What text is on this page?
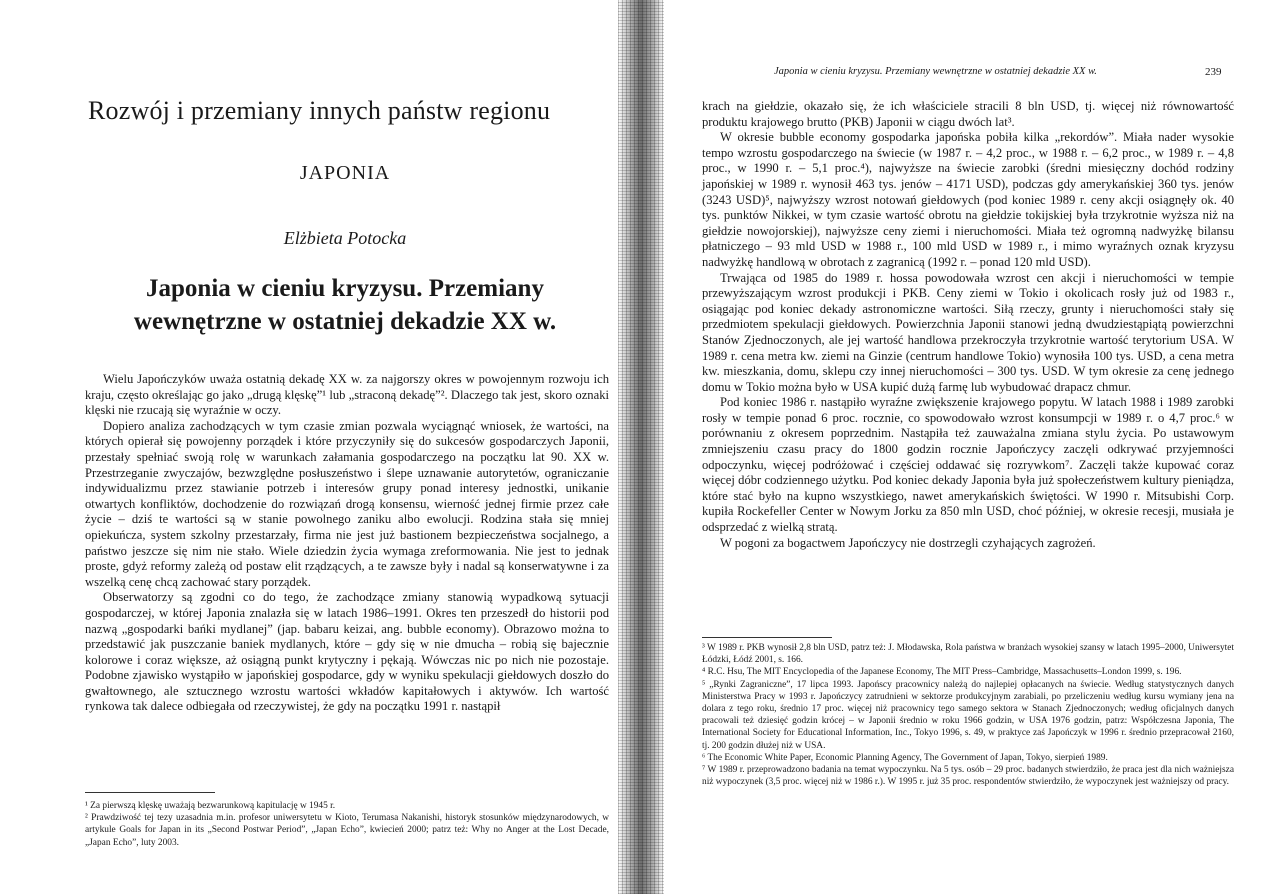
Rozwój i przemiany innych państw regionu
JAPONIA
Elżbieta Potocka
Japonia w cieniu kryzysu. Przemiany wewnętrzne w ostatniej dekadzie XX w.

Wielu Japończyków uważa ostatnią dekadę XX w. za najgorszy okres w powojennym rozwoju ich kraju, często określając go jako „drugą klęskę”¹ lub „straconą dekadę”². Dlaczego tak jest, skoro oznaki klęski nie rzucają się wyraźnie w oczy.

Dopiero analiza zachodzących w tym czasie zmian pozwala wyciągnąć wniosek, że wartości, na których opierał się powojenny porządek i które przyczyniły się do sukcesów gospodarczych Japonii, przestały spełniać swoją rolę w warunkach załamania gospodarczego na początku lat 90. XX w. Przestrzeganie zwyczajów, bezwzględne posłuszeństwo i ślepe uznawanie autorytetów, ograniczanie indywidualizmu przez stawianie potrzeb i interesów grupy ponad interesy jednostki, unikanie otwartych konfliktów, dochodzenie do rozwiązań drogą konsensu, wierność jednej firmie przez całe życie – dziś te wartości są w stanie powolnego zaniku albo ewolucji. Rodzina stała się mniej opiekuńcza, system szkolny przestarzały, firma nie jest już bastionem bezpieczeństwa socjalnego, a państwo jeszcze się nim nie stało. Wiele dziedzin życia wymaga zreformowania. Nie jest to jednak proste, gdyż reformy zależą od postaw elit rządzących, a te zawsze były i nadal są konserwatywne i za wszelką cenę chcą zachować stary porządek.

Obserwatorzy są zgodni co do tego, że zachodzące zmiany stanowią wypadkową sytuacji gospodarczej, w której Japonia znalazła się w latach 1986–1991. Okres ten przeszedł do historii pod nazwą „gospodarki bańki mydlanej” (jap. babaru keizai, ang. bubble economy). Obrazowo można to przedstawić jak puszczanie baniek mydlanych, które – gdy się w nie dmucha – robią się bajecznie kolorowe i coraz większe, aż osiągną punkt krytyczny i pękają. Wówczas nic po nich nie pozostaje. Podobne zjawisko wystąpiło w japońskiej gospodarce, gdy w wyniku spekulacji giełdowych doszło do gwałtownego, ale sztucznego wzrostu wartości wkładów kapitałowych i aktywów. Ich wartość rynkowa tak dalece odbiegała od rzeczywistej, że gdy na początku 1991 r. nastąpił

¹ Za pierwszą klęskę uważają bezwarunkową kapitulację w 1945 r.

² Prawdziwość tej tezy uzasadnia m.in. profesor uniwersytetu w Kioto, Terumasa Nakanishi, historyk stosunków międzynarodowych, w artykule Goals for Japan in its „Second Postwar Period”, „Japan Echo”, kwiecień 2000; patrz też: Why no Anger at the Lost Decade, „Japan Echo”, luty 2003.

Japonia w cieniu kryzysu. Przemiany wewnętrzne w ostatniej dekadzie XX w.	239

krach na giełdzie, okazało się, że ich właściciele stracili 8 bln USD, tj. więcej niż równowartość produktu krajowego brutto (PKB) Japonii w ciągu dwóch lat³.

W okresie bubble economy gospodarka japońska pobiła kilka „rekordów”. Miała nader wysokie tempo wzrostu gospodarczego na świecie (w 1987 r. – 4,2 proc., w 1988 r. – 6,2 proc., w 1989 r. – 4,8 proc., w 1990 r. – 5,1 proc.⁴), najwyższe na świecie zarobki (średni miesięczny dochód rodziny japońskiej w 1989 r. wynosił 463 tys. jenów – 4171 USD), podczas gdy amerykańskiej 360 tys. jenów (3243 USD)⁵, najwyższy wzrost notowań giełdowych (pod koniec 1989 r. ceny akcji osiągnęły ok. 40 tys. punktów Nikkei, w tym czasie wartość obrotu na giełdzie tokijskiej była trzykrotnie wyższa niż na giełdzie nowojorskiej), najwyższe ceny ziemi i nieruchomości. Miała też ogromną nadwyżkę bilansu płatniczego – 93 mld USD w 1988 r., 100 mld USD w 1989 r., i mimo wyraźnych oznak kryzysu nadwyżkę handlową w obrotach z zagranicą (1992 r. – ponad 120 mld USD).

Trwająca od 1985 do 1989 r. hossa powodowała wzrost cen akcji i nieruchomości w tempie przewyższającym wzrost produkcji i PKB. Ceny ziemi w Tokio i okolicach rosły już od 1983 r., osiągając pod koniec dekady astronomiczne wartości. Siłą rzeczy, grunty i nieruchomości stały się przedmiotem spekulacji giełdowych. Powierzchnia Japonii stanowi jedną dwudziestąpiątą powierzchni Stanów Zjednoczonych, ale jej wartość handlowa przekroczyła trzykrotnie wartość terytorium USA. W 1989 r. cena metra kw. ziemi na Ginzie (centrum handlowe Tokio) wynosiła 100 tys. USD, a cena metra kw. mieszkania, domu, sklepu czy innej nieruchomości – 300 tys. USD. W tym okresie za cenę jednego domu w Tokio można było w USA kupić dużą farmę lub wybudować drapacz chmur.

Pod koniec 1986 r. nastąpiło wyraźne zwiększenie krajowego popytu. W latach 1988 i 1989 zarobki rosły w tempie ponad 6 proc. rocznie, co spowodowało wzrost konsumpcji w 1989 r. o 4,7 proc.⁶ w porównaniu z okresem poprzednim. Nastąpiła też zauważalna zmiana stylu życia. Po ustawowym zmniejszeniu czasu pracy do 1800 godzin rocznie Japończycy zaczęli odkrywać przyjemności odpoczynku, więcej podróżować i częściej oddawać się rozrywkom⁷. Zaczęli także kupować coraz więcej dóbr codziennego użytku. Pod koniec dekady Japonia była już społeczeństwem kultury pieniądza, które stać było na kupno wszystkiego, nawet amerykańskich świętości. W 1990 r. Mitsubishi Corp. kupiła Rockefeller Center w Nowym Jorku za 850 mln USD, choć później, w okresie recesji, musiała je odsprzedać z wielką stratą.

W pogoni za bogactwem Japończycy nie dostrzegli czyhających zagrożeń.

³ W 1989 r. PKB wynosił 2,8 bln USD, patrz też: J. Młodawska, Rola państwa w branżach wysokiej szansy w latach 1995–2000, Uniwersytet Łódzki, Łódź 2001, s. 166.

⁴ R.C. Hsu, The MIT Encyclopedia of the Japanese Economy, The MIT Press–Cambridge, Massachusetts–London 1999, s. 196.

⁵ „Rynki Zagraniczne”, 17 lipca 1993. Japońscy pracownicy należą do najlepiej opłacanych na świecie. Według statystycznych danych Ministerstwa Pracy w 1993 r. Japończycy zatrudnieni w sektorze produkcyjnym zarabiali, po przeliczeniu według kursu wymiany jena na dolara z tego roku, średnio 17 proc. więcej niż pracownicy tego samego sektora w Stanach Zjednoczonych; według oficjalnych danych pracowali też dziesięć godzin krócej – w Japonii średnio w roku 1966 godzin, w USA 1976 godzin, patrz: Współczesna Japonia, The International Society for Educational Information, Inc., Tokyo 1996, s. 49, w praktyce zaś Japończyk w 1996 r. średnio przepracował 2160, tj. 200 godzin dłużej niż w USA.

⁶ The Economic White Paper, Economic Planning Agency, The Government of Japan, Tokyo, sierpień 1989.

⁷ W 1989 r. przeprowadzono badania na temat wypoczynku. Na 5 tys. osób – 29 proc. badanych stwierdziło, że praca jest dla nich ważniejsza niż wypoczynek (3,5 proc. więcej niż w 1986 r.). W 1995 r. już 35 proc. respondentów stwierdziło, że wypoczynek jest ważniejszy od pracy.
